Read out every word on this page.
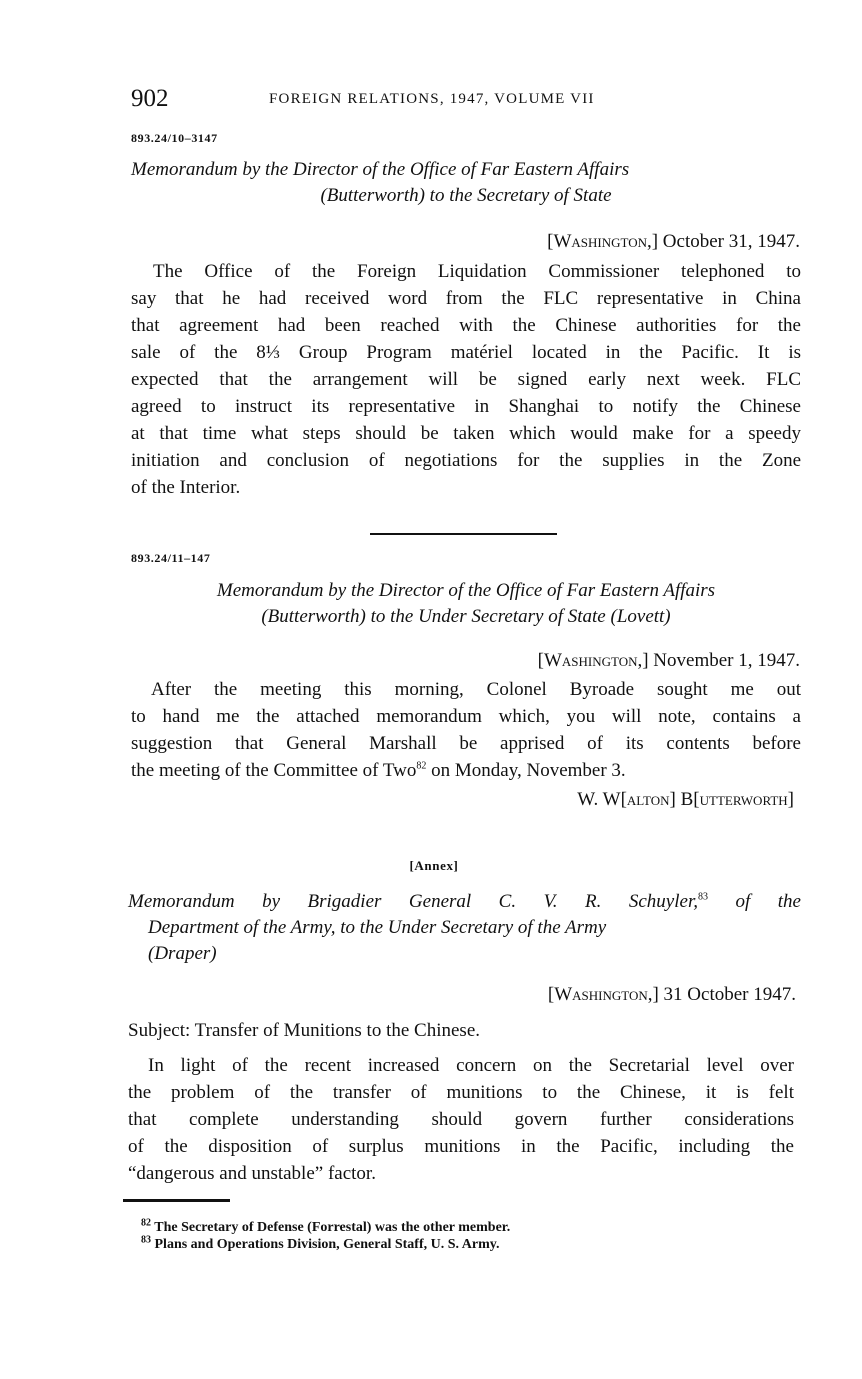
902	FOREIGN RELATIONS, 1947, VOLUME VII
893.24/10–3147
Memorandum by the Director of the Office of Far Eastern Affairs
(Butterworth) to the Secretary of State
[Washington,] October 31, 1947.
The Office of the Foreign Liquidation Commissioner telephoned to
say that he had received word from the FLC representative in China
that agreement had been reached with the Chinese authorities for the
sale of the 8⅓ Group Program matériel located in the Pacific. It is
expected that the arrangement will be signed early next week. FLC
agreed to instruct its representative in Shanghai to notify the Chinese
at that time what steps should be taken which would make for a speedy
initiation and conclusion of negotiations for the supplies in the Zone
of the Interior.
893.24/11–147
Memorandum by the Director of the Office of Far Eastern Affairs
(Butterworth) to the Under Secretary of State (Lovett)
[Washington,] November 1, 1947.
After the meeting this morning, Colonel Byroade sought me out
to hand me the attached memorandum which, you will note, contains a
suggestion that General Marshall be apprised of its contents before
the meeting of the Committee of Two$^{82}$ on Monday, November 3.
W. W[alton] B[utterworth]
[Annex]
Memorandum by Brigadier General C. V. R. Schuyler,$^{83}$ of the
Department of the Army, to the Under Secretary of the Army
(Draper)
[Washington,] 31 October 1947.
Subject: Transfer of Munitions to the Chinese.
In light of the recent increased concern on the Secretarial level over
the problem of the transfer of munitions to the Chinese, it is felt
that complete understanding should govern further considerations
of the disposition of surplus munitions in the Pacific, including the
“dangerous and unstable” factor.
$^{82}$ The Secretary of Defense (Forrestal) was the other member.
$^{83}$ Plans and Operations Division, General Staff, U. S. Army.
